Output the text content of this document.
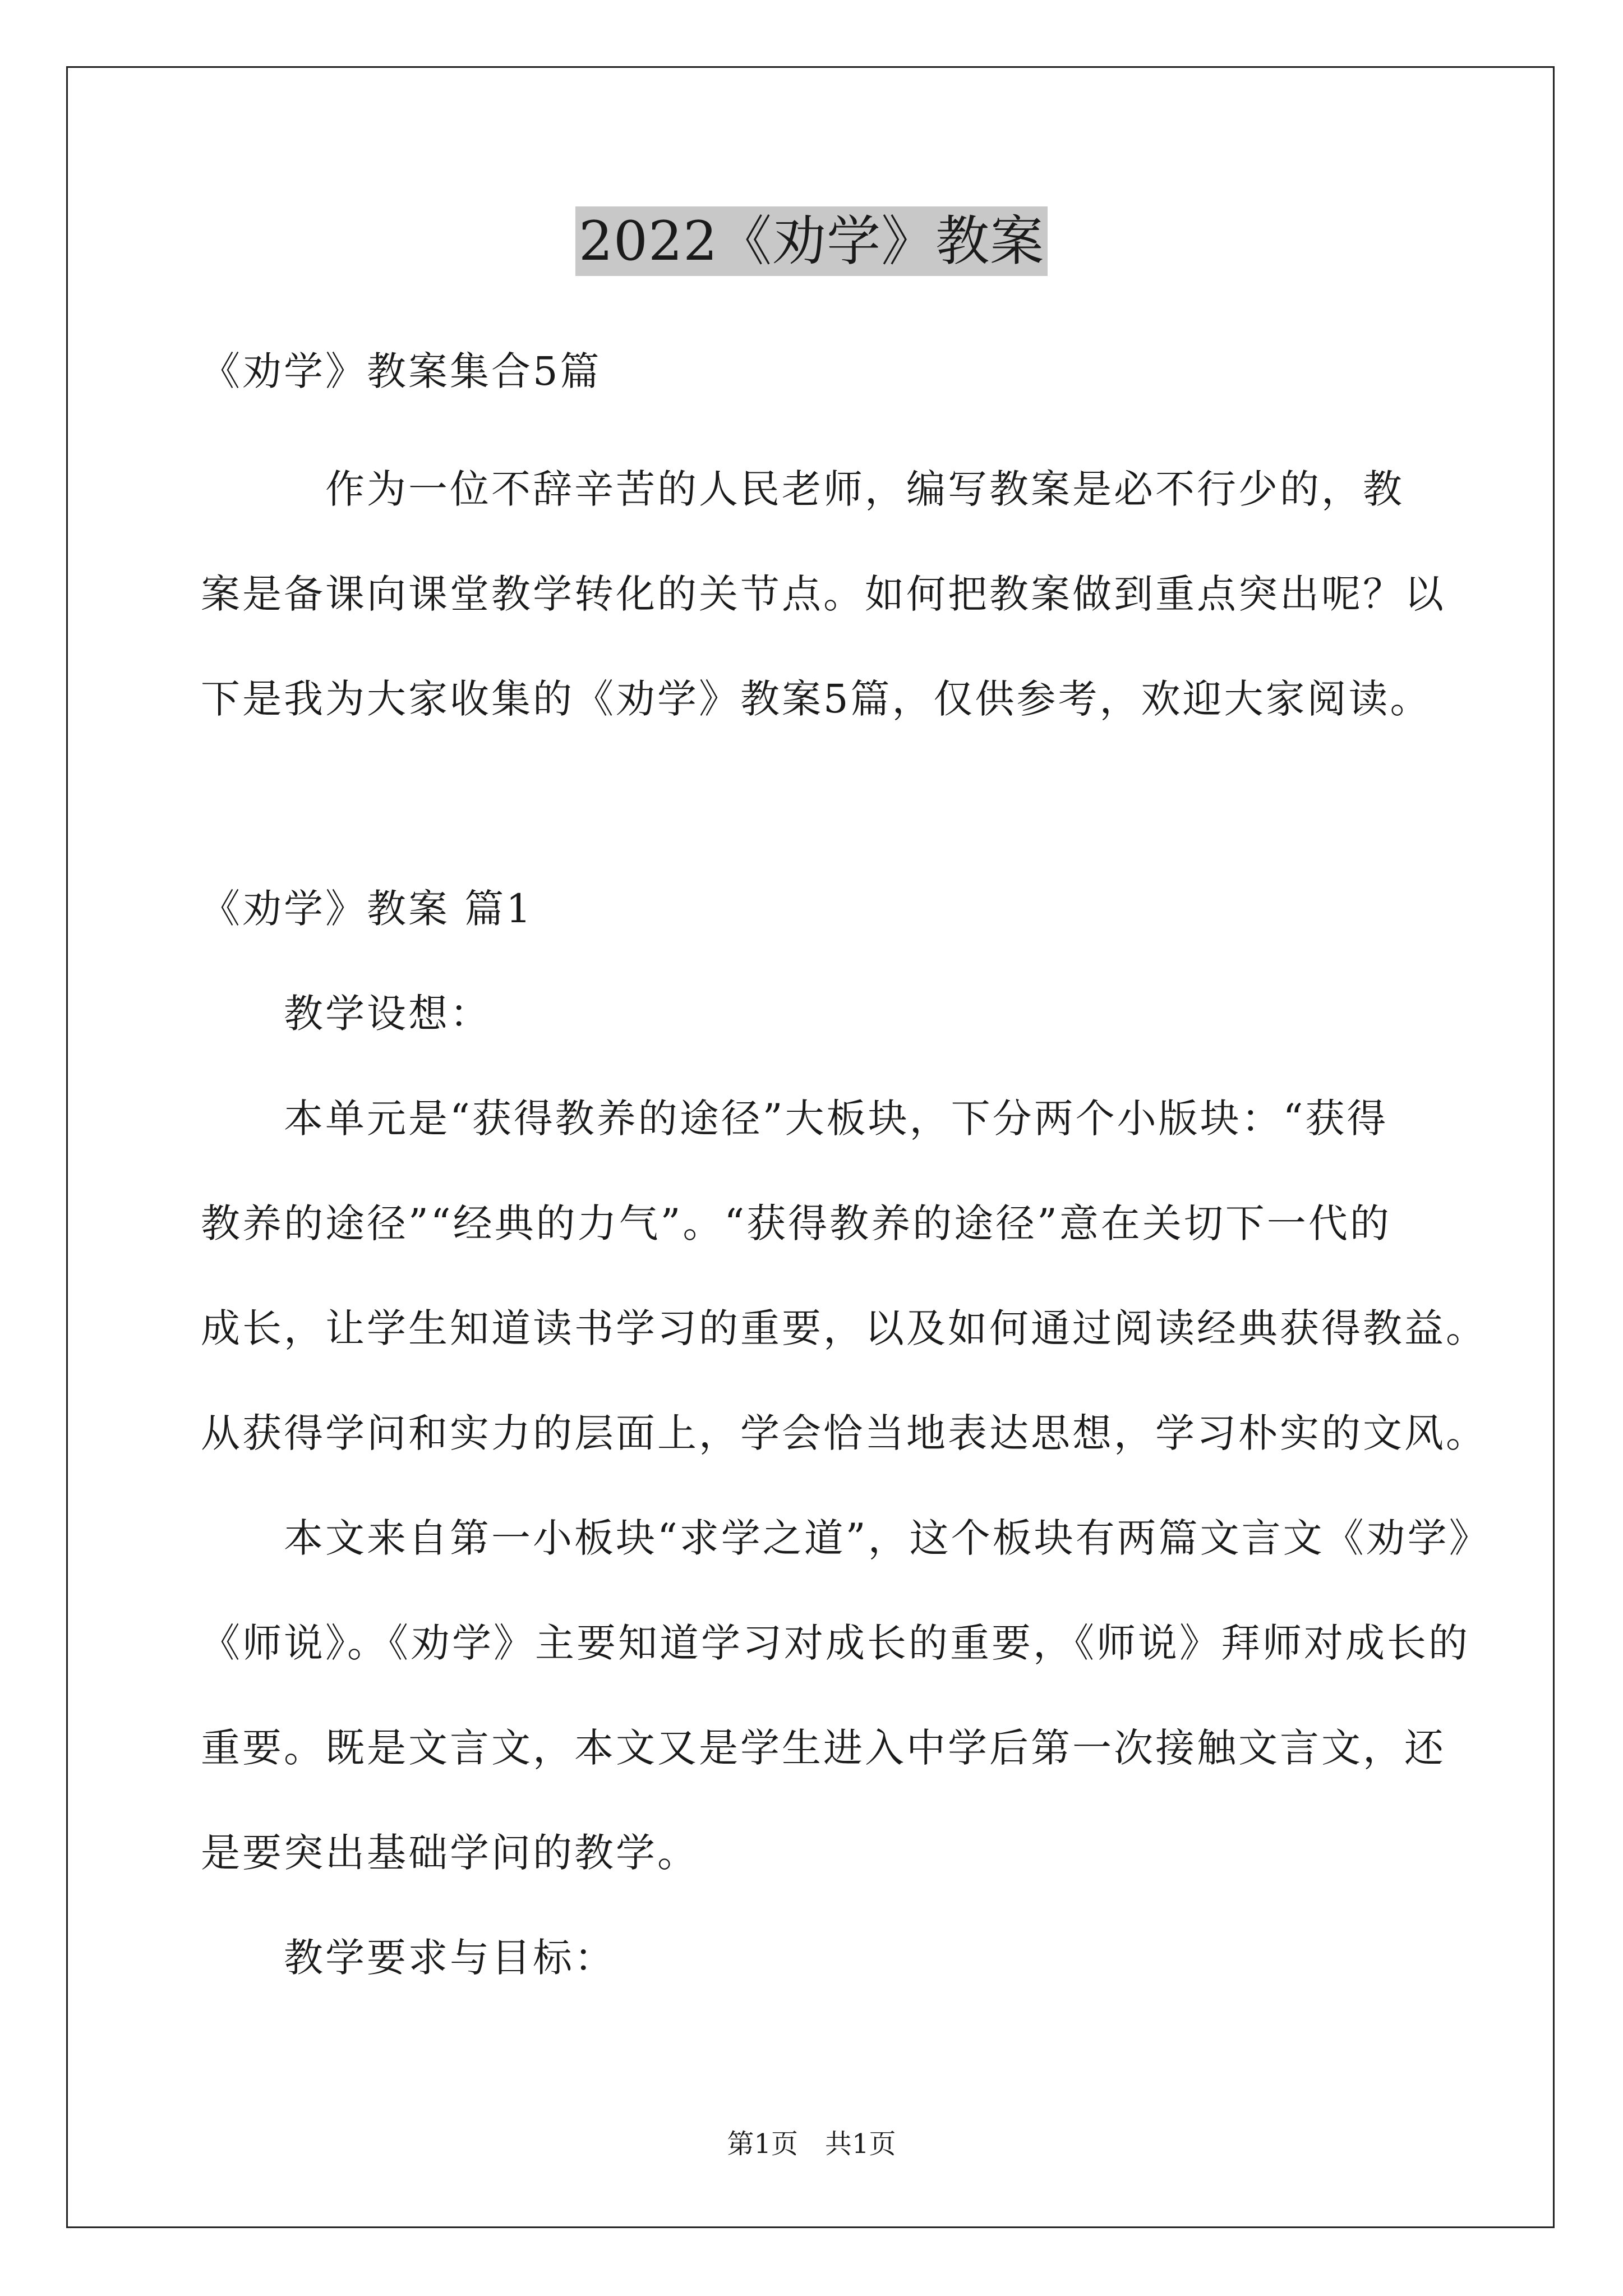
2022《劝学》教案
《劝学》教案集合5篇
　　　作为一位不辞辛苦的人民老师，编写教案是必不行少的，教
案是备课向课堂教学转化的关节点。如何把教案做到重点突出呢？以
下是我为大家收集的《劝学》教案5篇，仅供参考，欢迎大家阅读。
《劝学》教案 篇1
　　教学设想：
　　本单元是“获得教养的途径”大板块，下分两个小版块：“获得
教养的途径”“经典的力气”。“获得教养的途径”意在关切下一代的
成长，让学生知道读书学习的重要，以及如何通过阅读经典获得教益。
从获得学问和实力的层面上，学会恰当地表达思想，学习朴实的文风。
　　本文来自第一小板块“求学之道”，这个板块有两篇文言文《劝学》
《师说》。《劝学》主要知道学习对成长的重要，《师说》拜师对成长的
重要。既是文言文，本文又是学生进入中学后第一次接触文言文，还
是要突出基础学问的教学。
　　教学要求与目标：
第1页　共1页
